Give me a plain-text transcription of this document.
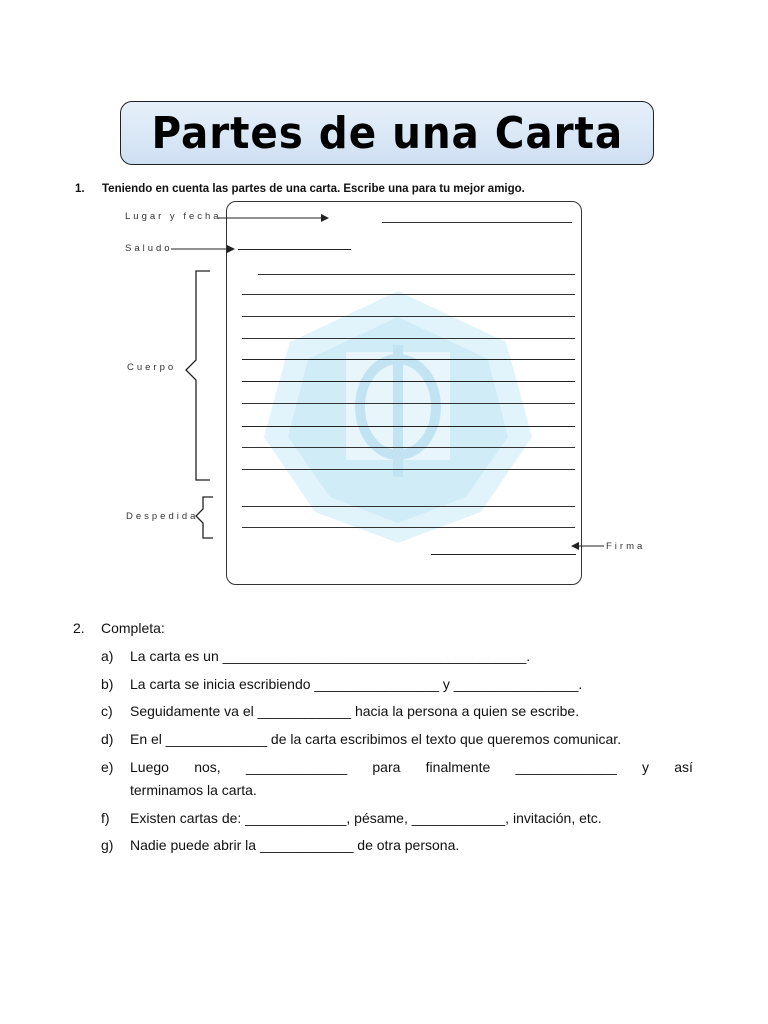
Partes de una Carta
1. Teniendo en cuenta las partes de una carta. Escribe una para tu mejor amigo.
Lugar y fecha
Saludo
Cuerpo
Despedida
Firma
2. Completa:
a) La carta es un _______________________________________.
b) La carta se inicia escribiendo ________________ y ________________.
c) Seguidamente va el ____________ hacia la persona a quien se escribe.
d) En el _____________ de la carta escribimos el texto que queremos comunicar.
e) Luego nos, _____________ para finalmente _____________ y así
terminamos la carta.
f) Existen cartas de: _____________, pésame, ____________, invitación, etc.
g) Nadie puede abrir la ____________ de otra persona.
